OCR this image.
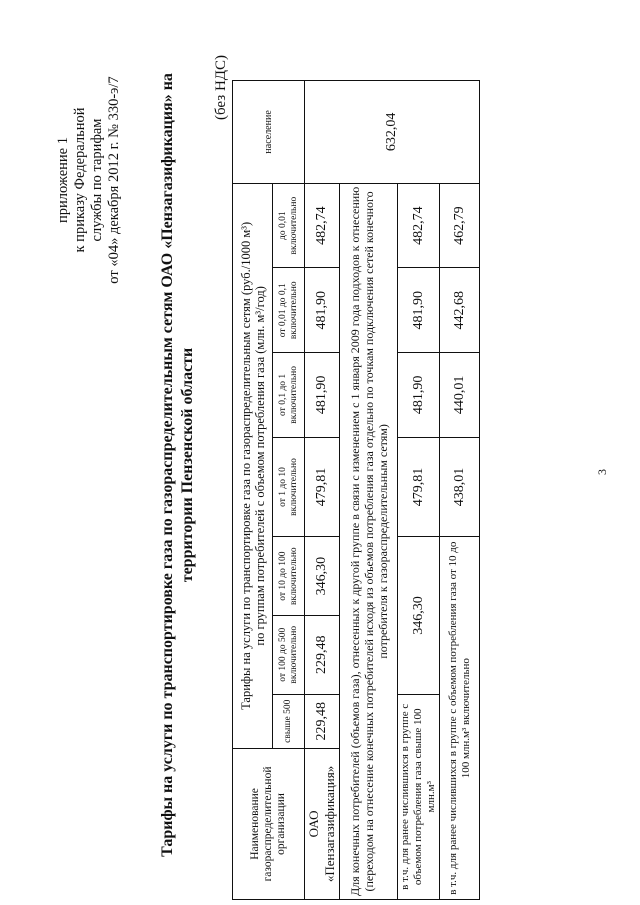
приложение 1 к приказу Федеральной службы по тарифам от «04» декабря 2012 г. № 330-э/7 Тарифы на услуги по транспортировке газа по газораспределительным сетям ОАО «Пензагазификация» на территории Пензенской области
(без НДС)
Наименование газораспределительной организации	Тарифы на услуги по транспортировке газа по газораспределительным сетям (руб./1000 м³) по группам потребителей с объемом потребления газа (млн. м³/год)							население
	свыше 500	от 100 до 500 включительно	от 10 до 100 включительно	от 1 до 10 включительно	от 0,1 до 1 включительно	от 0,01 до 0,1 включительно	до 0,01 включительно	
ОАО «Пензагазификация»	229,48	229,48	346,30	479,81	481,90	481,90	482,74	632,04
Для конечных потребителей (объемов газа), отнесенных к другой группе в связи с изменением с 1 января 2009 года подходов к отнесению (переходом на отнесение конечных потребителей исходя из объемов потребления газа отдельно по точкам подключения сетей конечного потребителя к газораспределительным сетям)								
в т.ч. для ранее числившихся в группе с объемом потребления газа свыше 100 млн.м³		346,30		479,81	481,90	481,90	482,74	
в т.ч. для ранее числившихся в группе с объемом потребления газа от 10 до 100 млн.м³ включительно				438,01	440,01	442,68	462,79	
3
